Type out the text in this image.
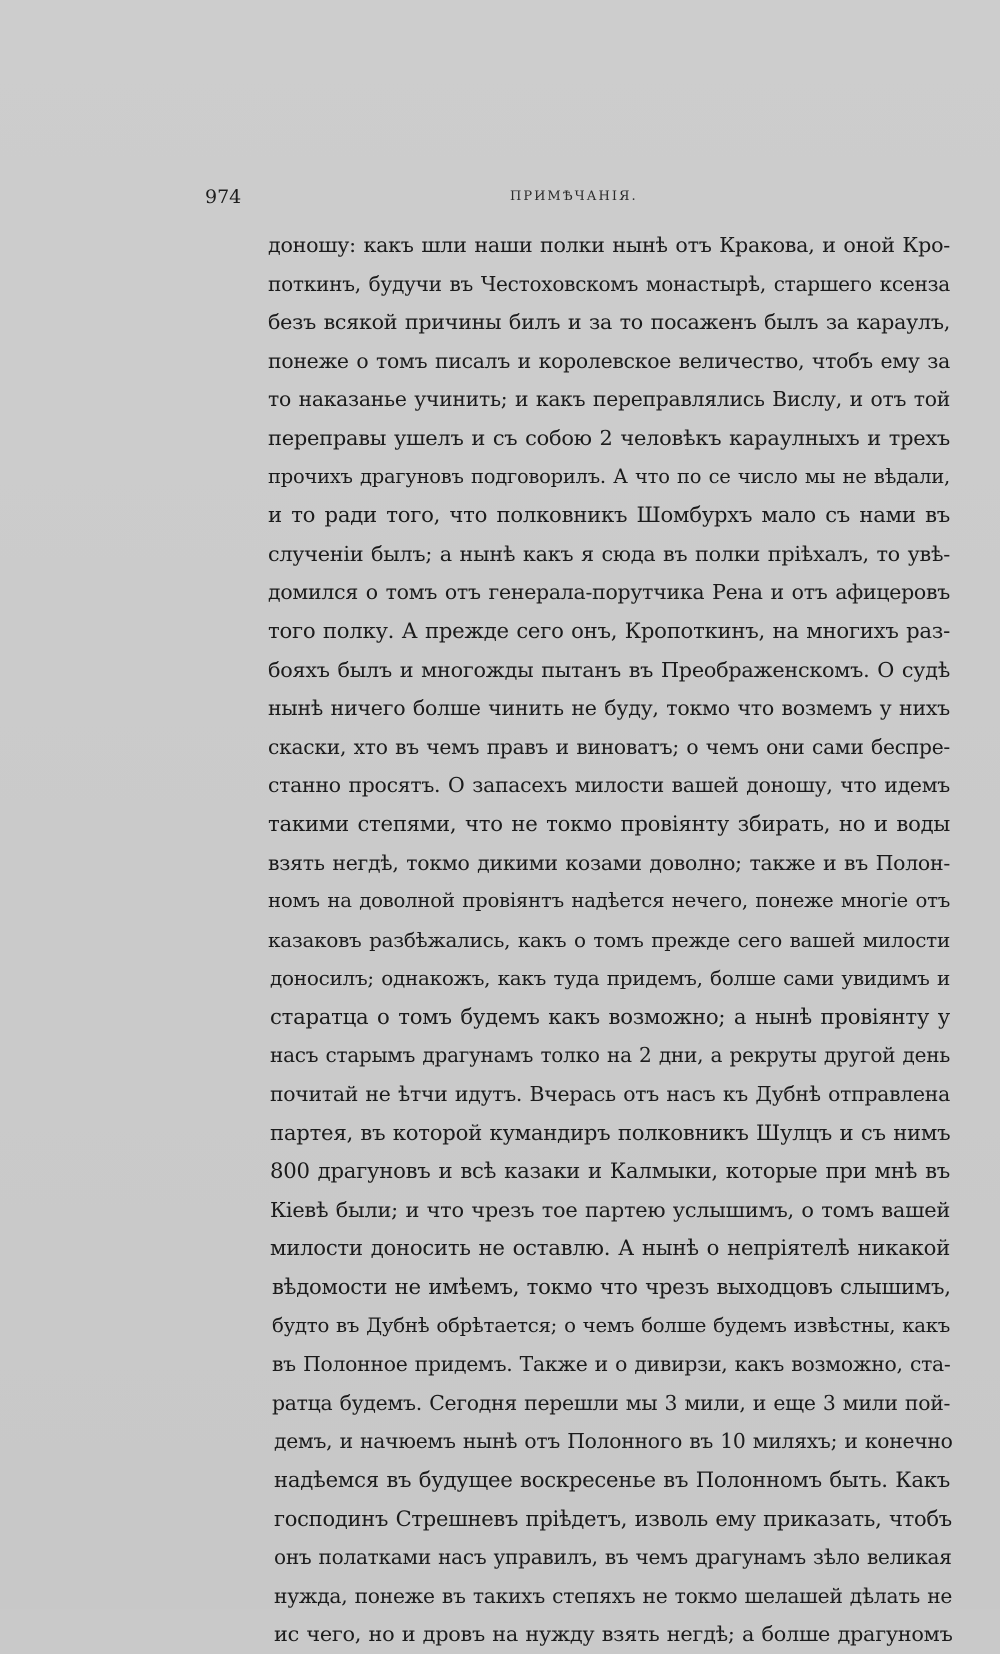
974	ПРИМѢЧАНІЯ.
доношу: какъ шли наши полки нынѣ отъ Кракова, и оной Кро-
поткинъ, будучи въ Честоховскомъ монастырѣ, старшего ксенза
безъ всякой причины билъ и за то посаженъ былъ за караулъ,
понеже о томъ писалъ и королевское величество, чтобъ ему за
то наказанье учинить; и какъ переправлялись Вислу, и отъ той
переправы ушелъ и съ собою 2 человѣкъ караулныхъ и трехъ
прочихъ драгуновъ подговорилъ. А что по се число мы не вѣдали,
и то ради того, что полковникъ Шомбурхъ мало съ нами въ
слученіи былъ; а нынѣ какъ я сюда въ полки пріѣхалъ, то увѣ-
домился о томъ отъ генерала-порутчика Рена и отъ афицеровъ
того полку. А прежде сего онъ, Кропоткинъ, на многихъ раз-
бояхъ былъ и многожды пытанъ въ Преображенскомъ. О судѣ
нынѣ ничего болше чинить не буду, токмо что возмемъ у нихъ
скаски, хто въ чемъ правъ и виноватъ; о чемъ они сами беспре-
станно просятъ. О запасехъ милости вашей доношу, что идемъ
такими степями, что не токмо провіянту збирать, но и воды
взять негдѣ, токмо дикими козами доволно; также и въ Полон-
номъ на доволной провіянтъ надѣется нечего, понеже многіе отъ
казаковъ разбѣжались, какъ о томъ прежде сего вашей милости
доносилъ; однакожъ, какъ туда придемъ, болше сами увидимъ и
старатца о томъ будемъ какъ возможно; а нынѣ провіянту у
насъ старымъ драгунамъ толко на 2 дни, а рекруты другой день
почитай не ѣтчи идутъ. Вчерась отъ насъ къ Дубнѣ отправлена
партея, въ которой кумандиръ полковникъ Шулцъ и съ нимъ
800 драгуновъ и всѣ казаки и Калмыки, которые при мнѣ въ
Кіевѣ были; и что чрезъ тое партею услышимъ, о томъ вашей
милости доносить не оставлю. А нынѣ о непріятелѣ никакой
вѣдомости не имѣемъ, токмо что чрезъ выходцовъ слышимъ,
будто въ Дубнѣ обрѣтается; о чемъ болше будемъ извѣстны, какъ
въ Полонное придемъ. Также и о дивирзи, какъ возможно, ста-
ратца будемъ. Сегодня перешли мы 3 мили, и еще 3 мили пой-
демъ, и начюемъ нынѣ отъ Полонного въ 10 миляхъ; и конечно
надѣемся въ будущее воскресенье въ Полонномъ быть. Какъ
господинъ Стрешневъ пріѣдетъ, изволь ему приказать, чтобъ
онъ полатками насъ управилъ, въ чемъ драгунамъ зѣло великая
нужда, понеже въ такихъ степяхъ не токмо шелашей дѣлать не
ис чего, но и дровъ на нужду взять негдѣ; а болше драгуномъ
